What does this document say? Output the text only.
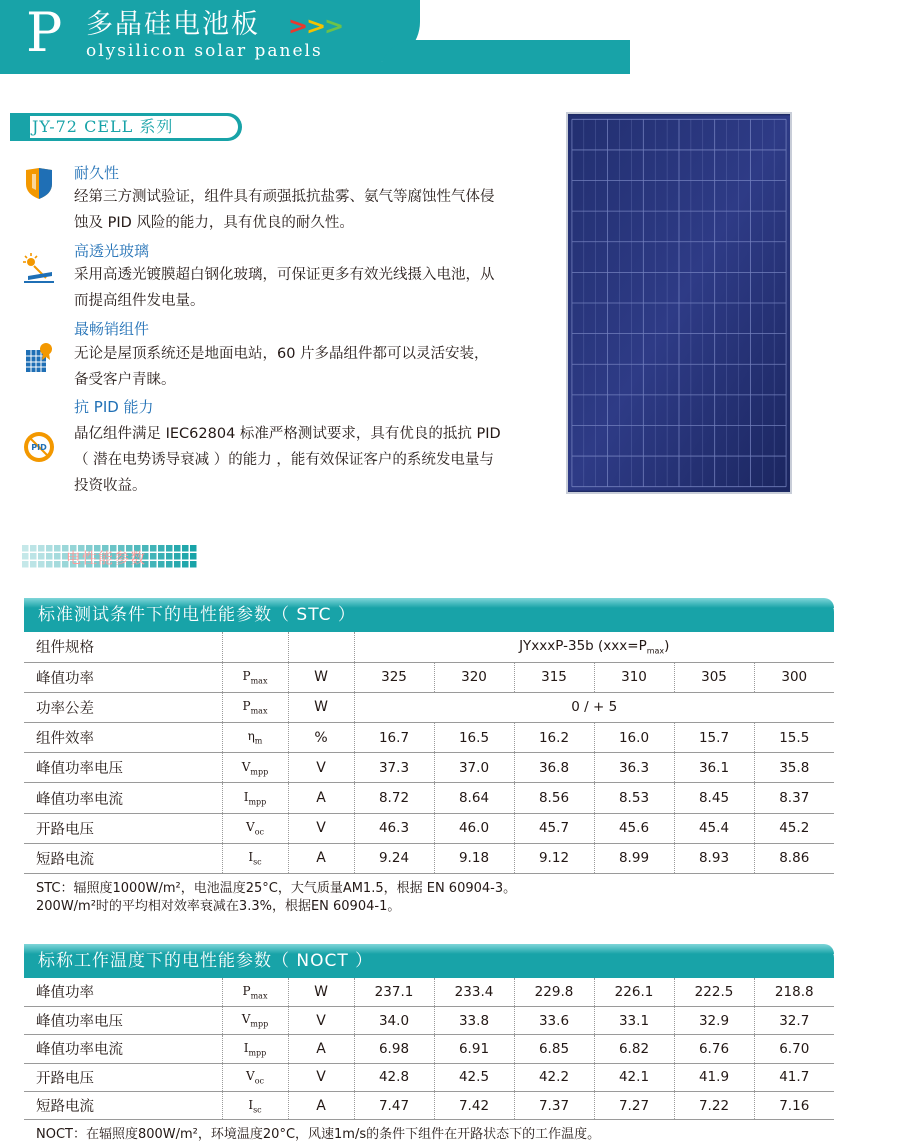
P 多晶硅电池板
olysilicon solar panels
>
>
>
JY-72 CELL 系列
耐久性
经第三方测试验证，组件具有顽强抵抗盐雾、氨气等腐蚀性气体侵
蚀及 PID 风险的能力，具有优良的耐久性。
高透光玻璃
采用高透光镀膜超白钢化玻璃，可保证更多有效光线摄入电池，从
而提高组件发电量。
最畅销组件
无论是屋顶系统还是地面电站，60 片多晶组件都可以灵活安装，
备受客户青睐。
PID
抗 PID 能力
晶亿组件满足 IEC62804 标准严格测试要求，具有优良的抵抗 PID
（ 潜在电势诱导衰减 ）的能力 ，能有效保证客户的系统发电量与
投资收益。
电性能参数
标准测试条件下的电性能参数（ STC ）
组件规格			JYxxxP-35b $(xxx=P_{max})$					
峰值功率	$P_{max}$	W	325	320	315	310	305	300
功率公差	$P_{max}$	W	0 / + 5					
组件效率	$\eta_m$	%	16.7	16.5	16.2	16.0	15.7	15.5
峰值功率电压	$V_{mpp}$	V	37.3	37.0	36.8	36.3	36.1	35.8
峰值功率电流	$I_{mpp}$	A	8.72	8.64	8.56	8.53	8.45	8.37
开路电压	$V_{oc}$	V	46.3	46.0	45.7	45.6	45.4	45.2
短路电流	$I_{sc}$	A	9.24	9.18	9.12	8.99	8.93	8.86
STC：辐照度1000W/m²，电池温度25°C，大气质量AM1.5，根据 EN 60904-3。
200W/m²时的平均相对效率衰减在3.3%，根据EN 60904-1。
标称工作温度下的电性能参数（ NOCT ）
峰值功率	$P_{max}$	W	237.1	233.4	229.8	226.1	222.5	218.8
峰值功率电压	$V_{mpp}$	V	34.0	33.8	33.6	33.1	32.9	32.7
峰值功率电流	$I_{mpp}$	A	6.98	6.91	6.85	6.82	6.76	6.70
开路电压	$V_{oc}$	V	42.8	42.5	42.2	42.1	41.9	41.7
短路电流	$I_{sc}$	A	7.47	7.42	7.37	7.27	7.22	7.16
NOCT：在辐照度800W/m²，环境温度20°C，风速1m/s的条件下组件在开路状态下的工作温度。
